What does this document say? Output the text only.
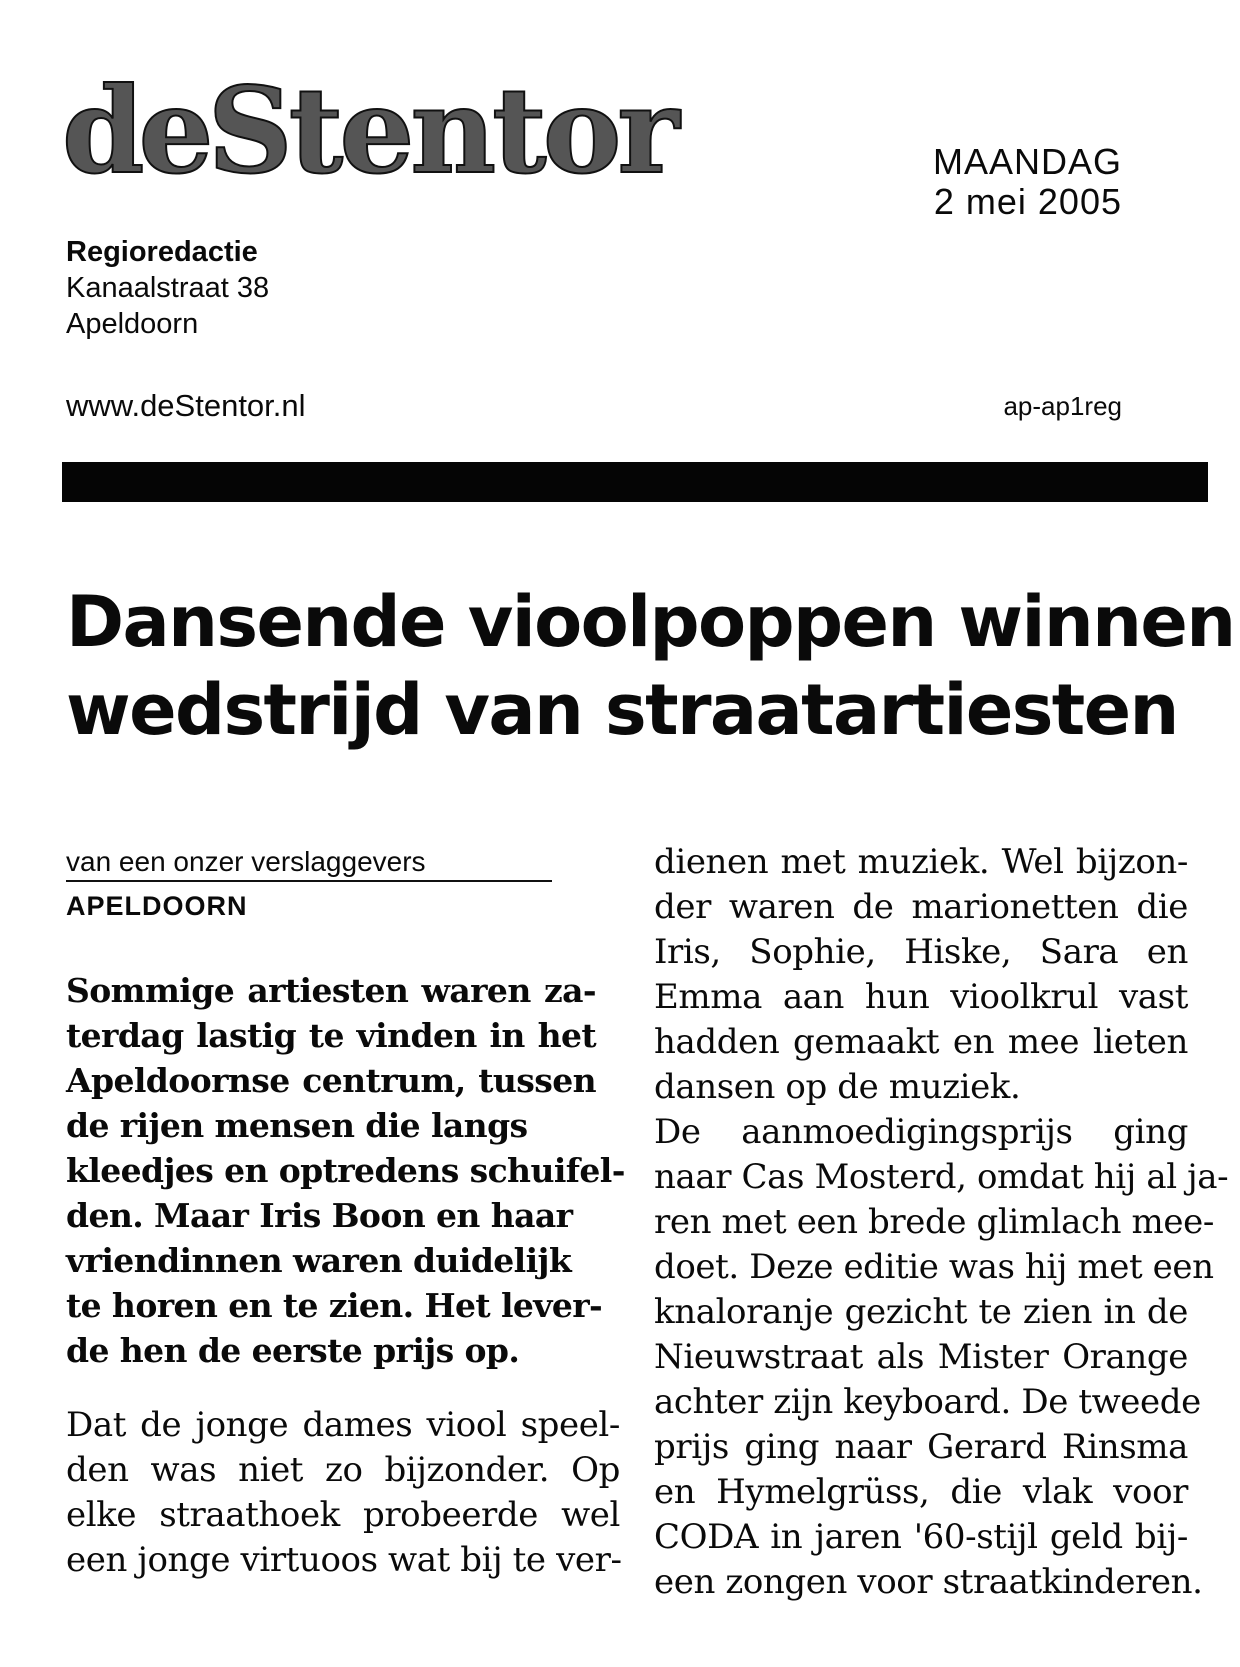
deStentor	MAANDAG
2 mei 2005
Regioredactie
Kanaalstraat 38
Apeldoorn
www.deStentor.nl	ap-ap1reg
Dansende vioolpoppen winnen
wedstrijd van straatartiesten
van een onzer verslaggevers
APELDOORN
Sommige artiesten waren za-
terdag lastig te vinden in het
Apeldoornse centrum, tussen
de rijen mensen die langs
kleedjes en optredens schuifel-
den. Maar Iris Boon en haar
vriendinnen waren duidelijk
te horen en te zien. Het lever-
de hen de eerste prijs op.
Dat de jonge dames viool speel-
den was niet zo bijzonder. Op
elke straathoek probeerde wel
een jonge virtuoos wat bij te ver-
dienen met muziek. Wel bijzon-
der waren de marionetten die
Iris, Sophie, Hiske, Sara en
Emma aan hun vioolkrul vast
hadden gemaakt en mee lieten
dansen op de muziek.
De aanmoedigingsprijs ging
naar Cas Mosterd, omdat hij al ja-
ren met een brede glimlach mee-
doet. Deze editie was hij met een
knaloranje gezicht te zien in de
Nieuwstraat als Mister Orange
achter zijn keyboard. De tweede
prijs ging naar Gerard Rinsma
en Hymelgrüss, die vlak voor
CODA in jaren '60-stijl geld bij-
een zongen voor straatkinderen.
